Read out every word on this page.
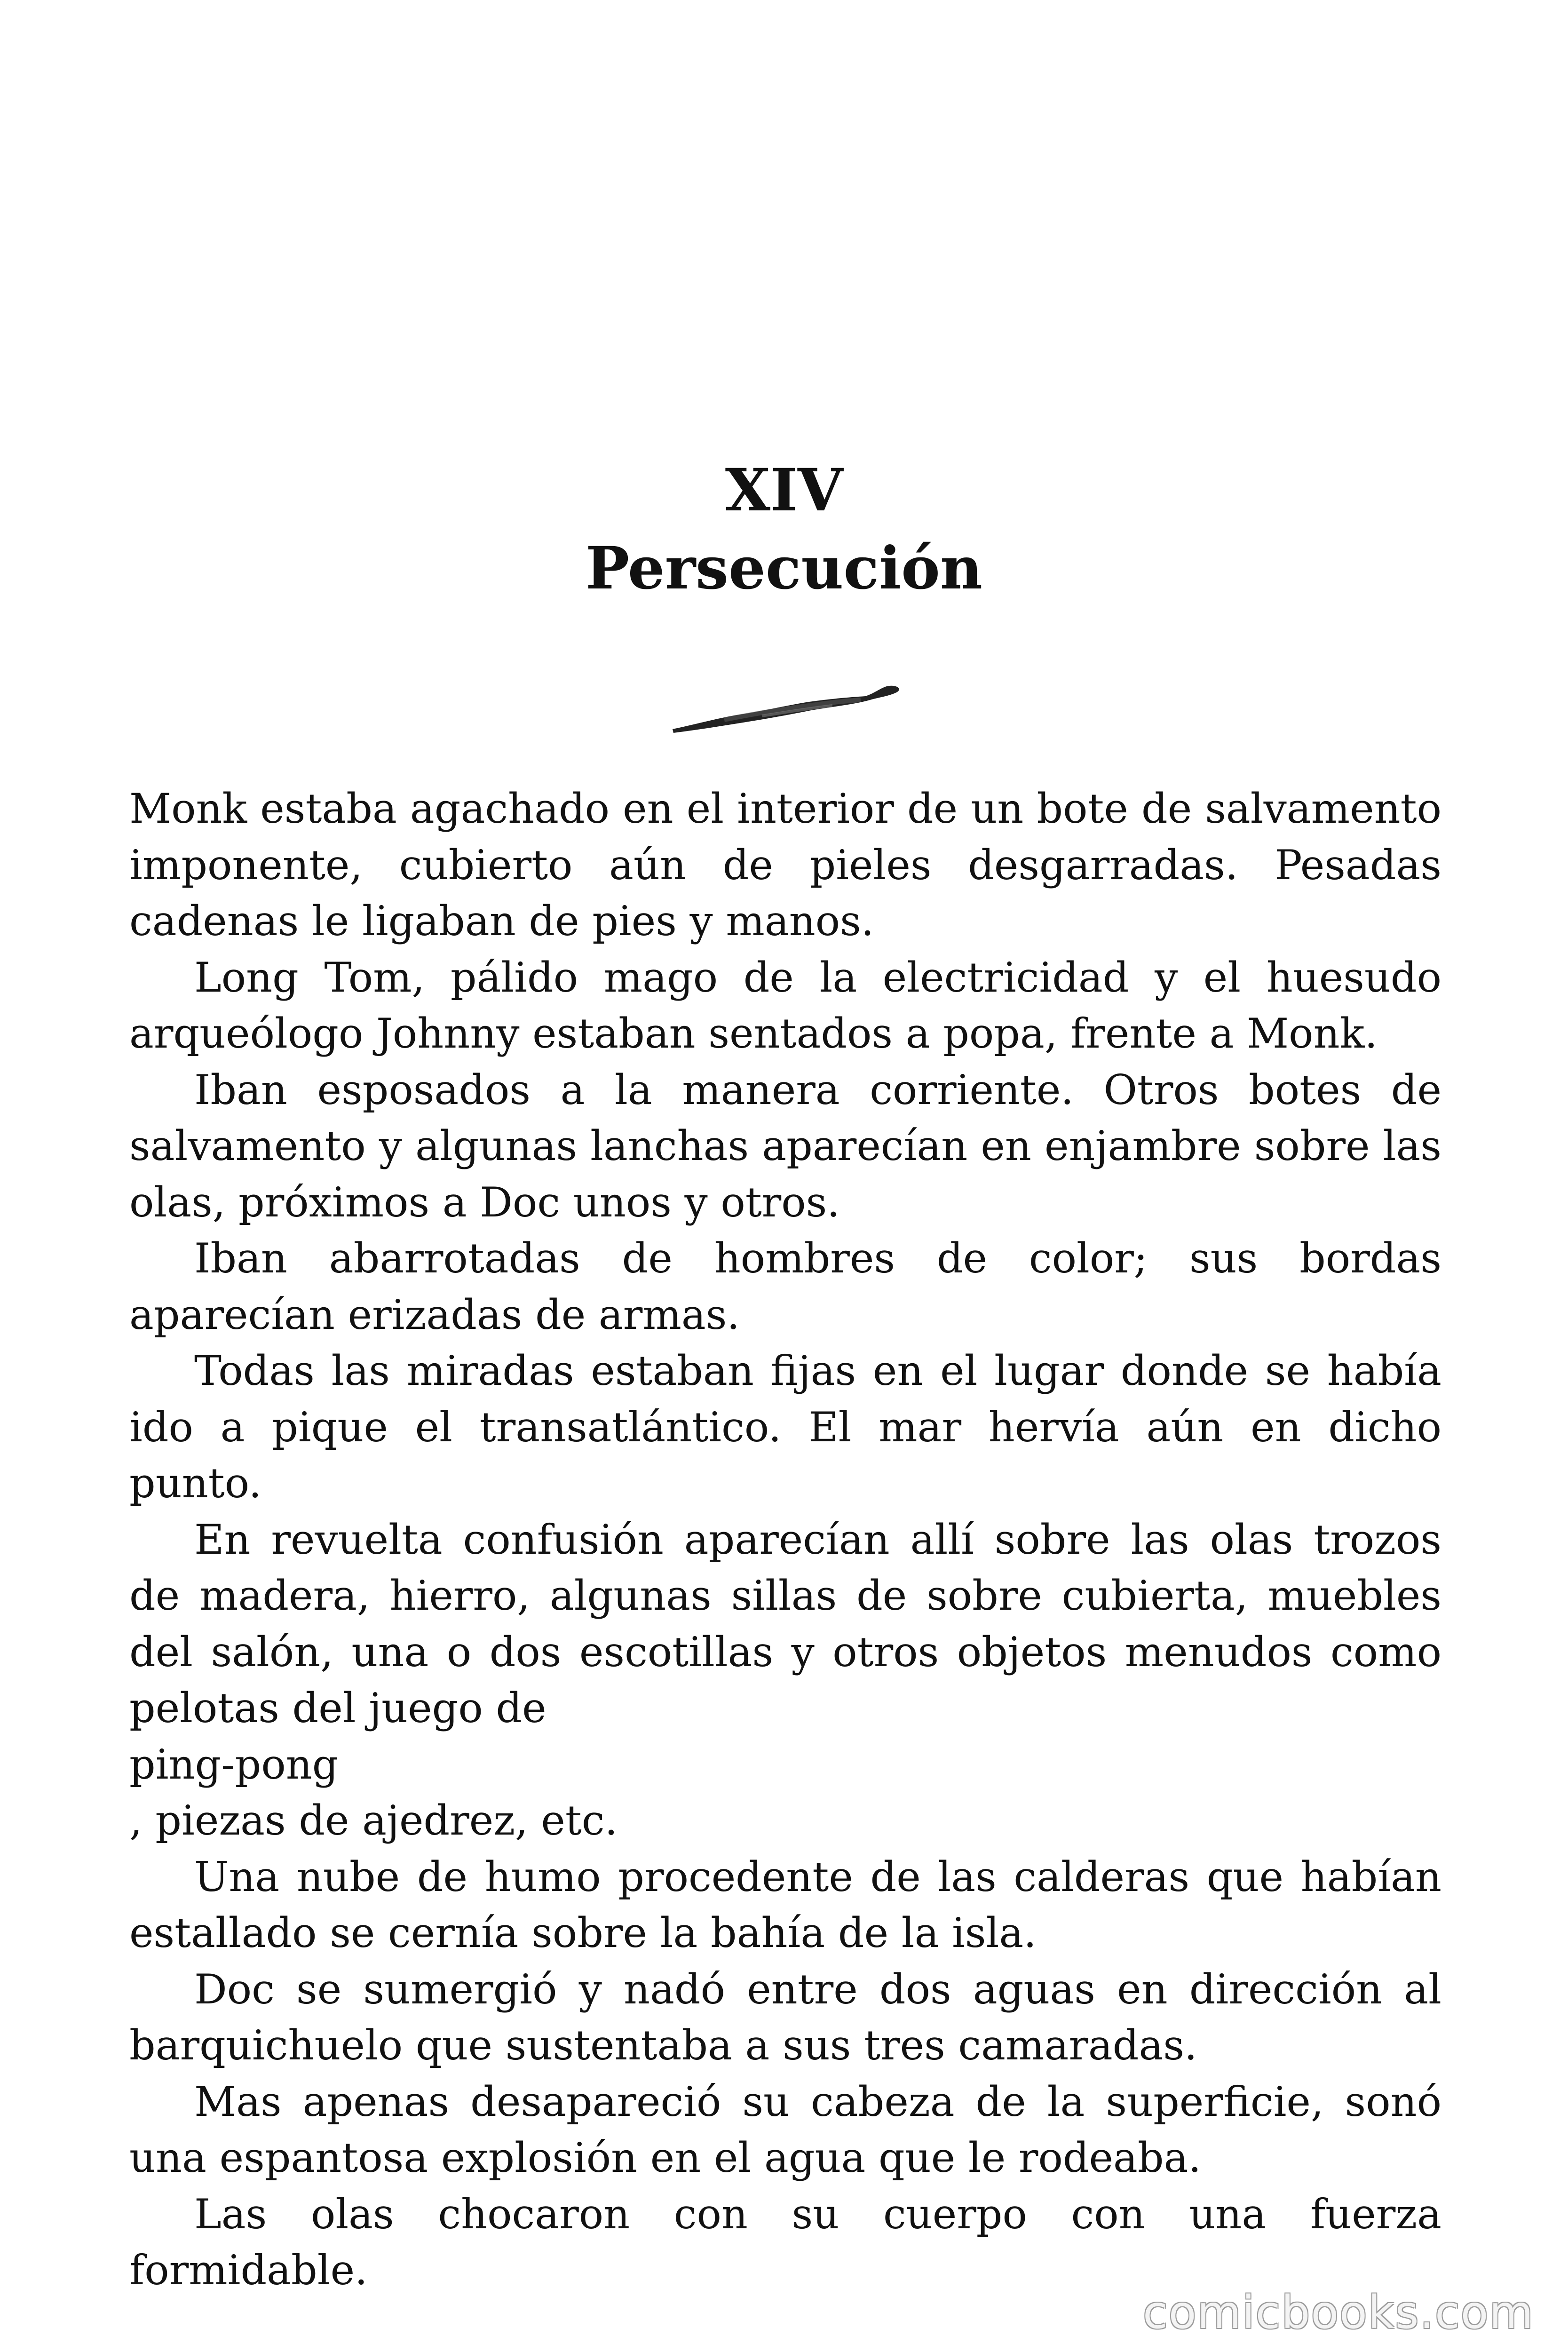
XIV
Persecución

Monk estaba agachado en el interior de un bote de salvamento imponente, cubierto aún de pieles desgarradas. Pesadas cadenas le ligaban de pies y manos.

Long Tom, pálido mago de la electricidad y el huesudo arqueólogo Johnny estaban sentados a popa, frente a Monk.

Iban esposados a la manera corriente. Otros botes de salvamento y algunas lanchas aparecían en enjambre sobre las olas, próximos a Doc unos y otros.

Iban abarrotadas de hombres de color; sus bordas aparecían erizadas de armas.

Todas las miradas estaban fijas en el lugar donde se había ido a pique el transatlántico. El mar hervía aún en dicho punto.

En revuelta confusión aparecían allí sobre las olas trozos de madera, hierro, algunas sillas de sobre cubierta, muebles del salón, una o dos escotillas y otros objetos menudos como pelotas del juego de

ping-pong

, piezas de ajedrez, etc.

Una nube de humo procedente de las calderas que habían estallado se cernía sobre la bahía de la isla.

Doc se sumergió y nadó entre dos aguas en dirección al barquichuelo que sustentaba a sus tres camaradas.

Mas apenas desapareció su cabeza de la superficie, sonó una espantosa explosión en el agua que le rodeaba.

Las olas chocaron con su cuerpo con una fuerza formidable.

comicbooks.com
